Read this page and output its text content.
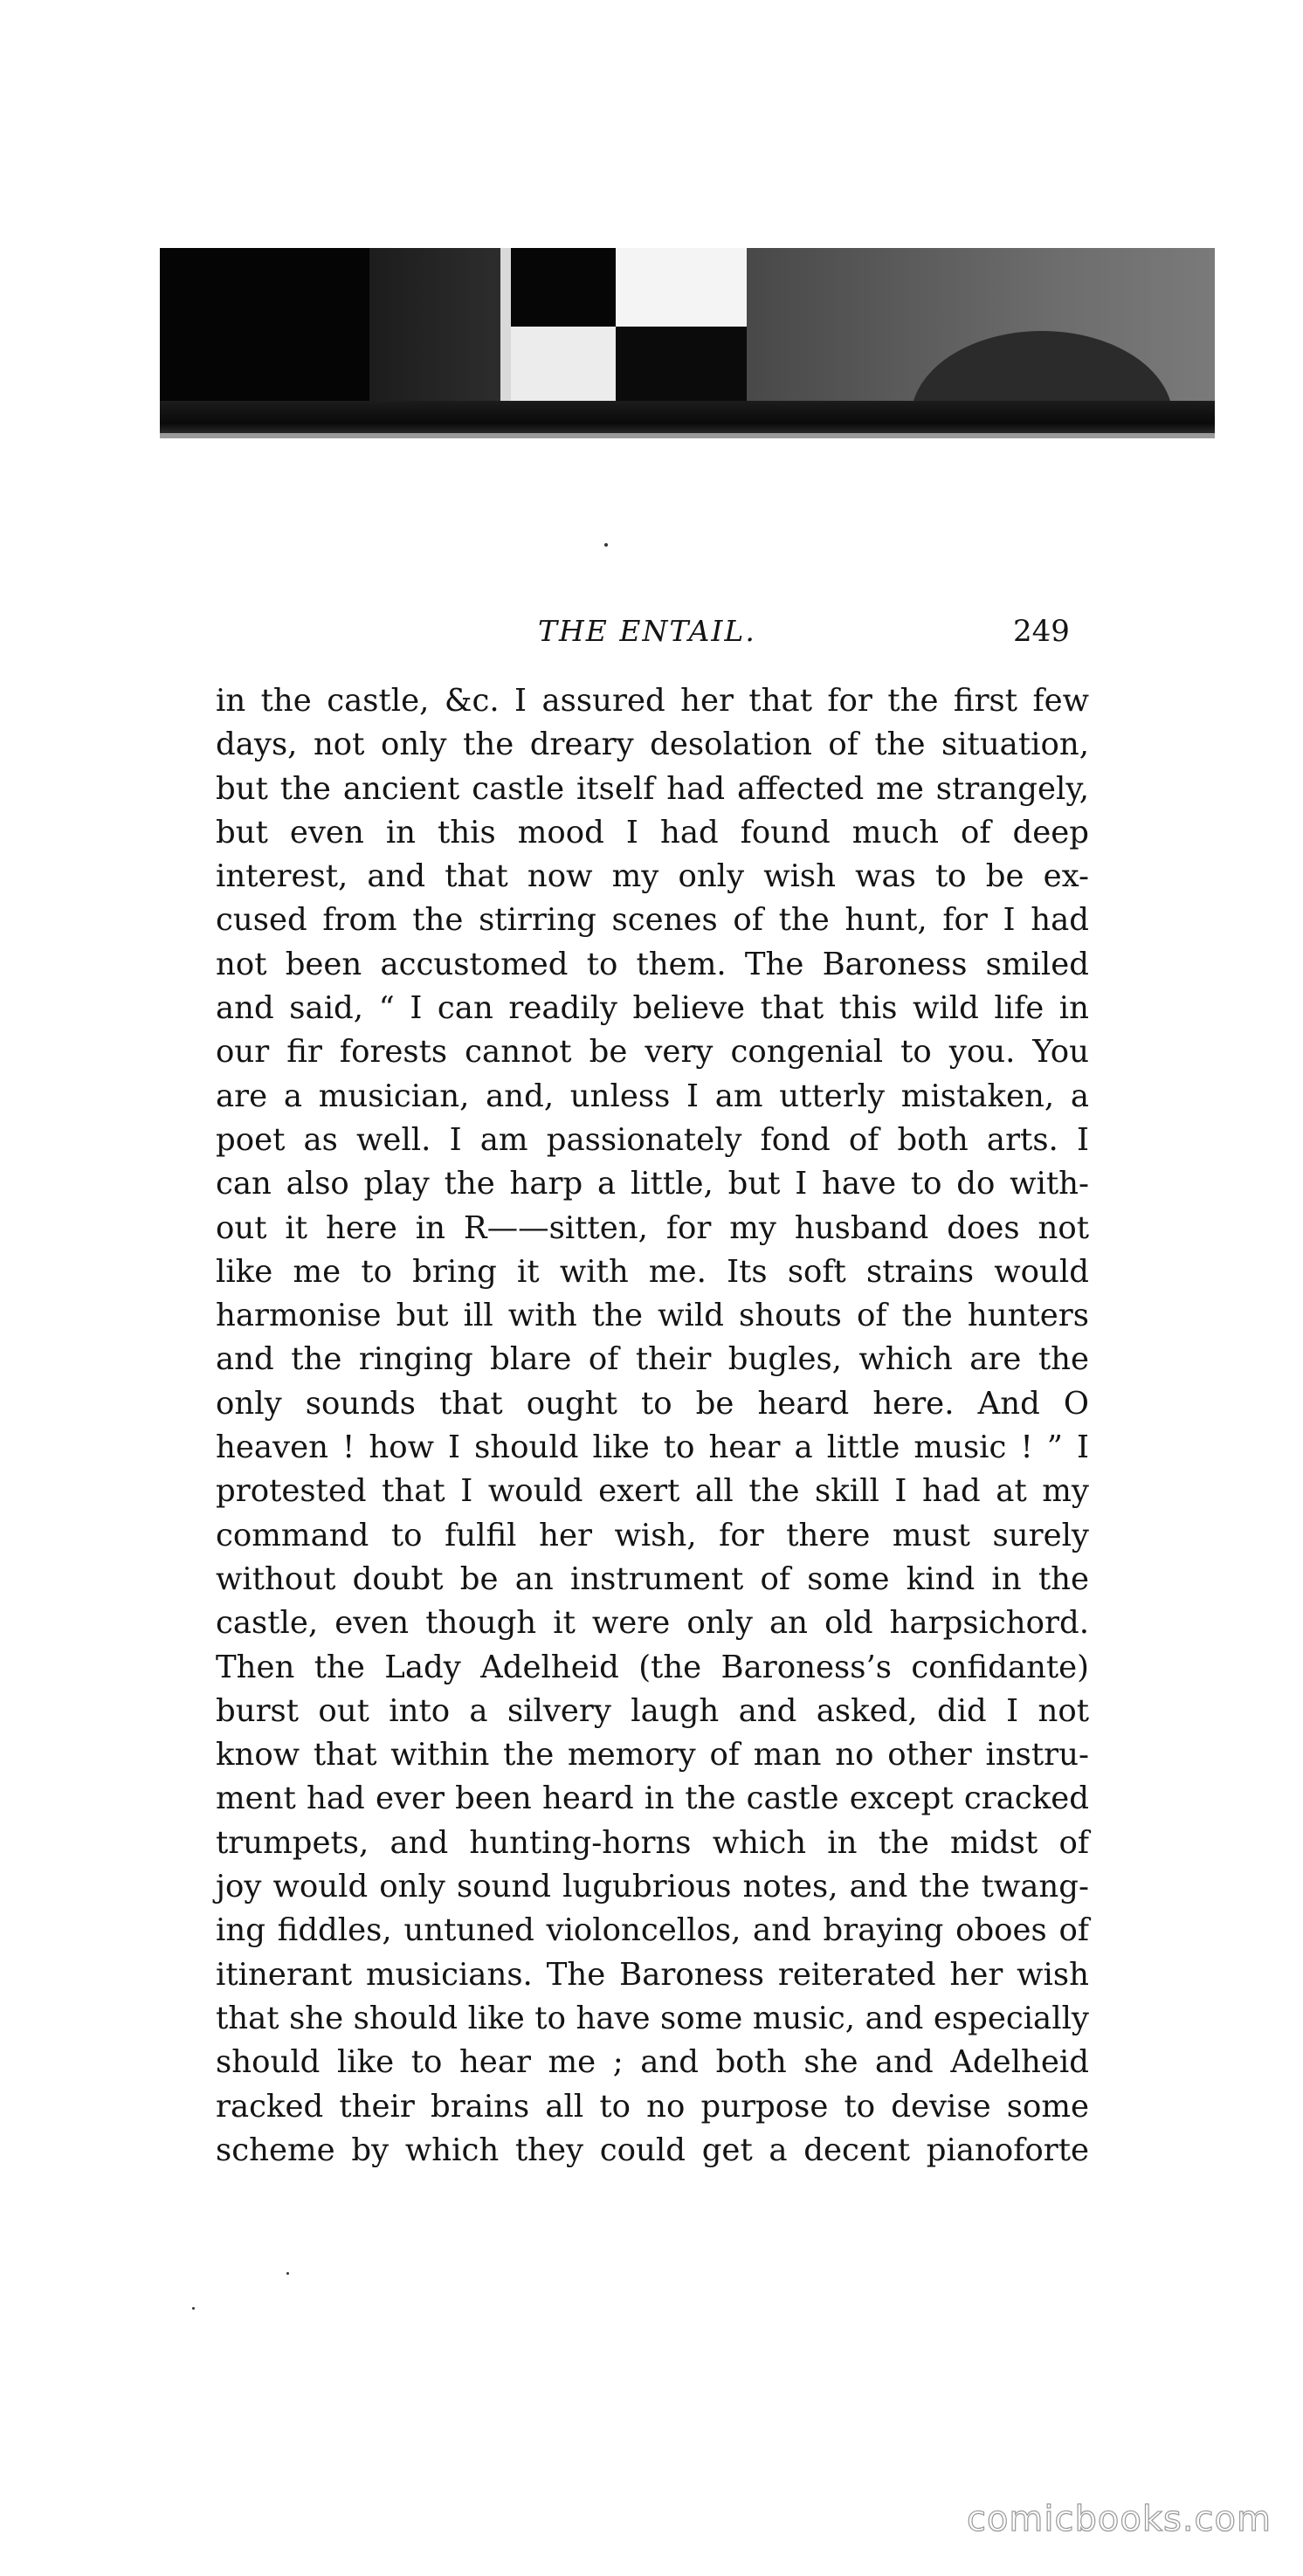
THE ENTAIL.	249
in the castle, &c. I assured her that for the first few
days, not only the dreary desolation of the situation,
but the ancient castle itself had affected me strangely,
but even in this mood I had found much of deep
interest, and that now my only wish was to be ex-
cused from the stirring scenes of the hunt, for I had
not been accustomed to them. The Baroness smiled
and said, “ I can readily believe that this wild life in
our fir forests cannot be very congenial to you. You
are a musician, and, unless I am utterly mistaken, a
poet as well. I am passionately fond of both arts. I
can also play the harp a little, but I have to do with-
out it here in R——sitten, for my husband does not
like me to bring it with me. Its soft strains would
harmonise but ill with the wild shouts of the hunters
and the ringing blare of their bugles, which are the
only sounds that ought to be heard here. And O
heaven ! how I should like to hear a little music ! ” I
protested that I would exert all the skill I had at my
command to fulfil her wish, for there must surely
without doubt be an instrument of some kind in the
castle, even though it were only an old harpsichord.
Then the Lady Adelheid (the Baroness’s confidante)
burst out into a silvery laugh and asked, did I not
know that within the memory of man no other instru-
ment had ever been heard in the castle except cracked
trumpets, and hunting-horns which in the midst of
joy would only sound lugubrious notes, and the twang-
ing fiddles, untuned violoncellos, and braying oboes of
itinerant musicians. The Baroness reiterated her wish
that she should like to have some music, and especially
should like to hear me ; and both she and Adelheid
racked their brains all to no purpose to devise some
scheme by which they could get a decent pianoforte
comicbooks.com
